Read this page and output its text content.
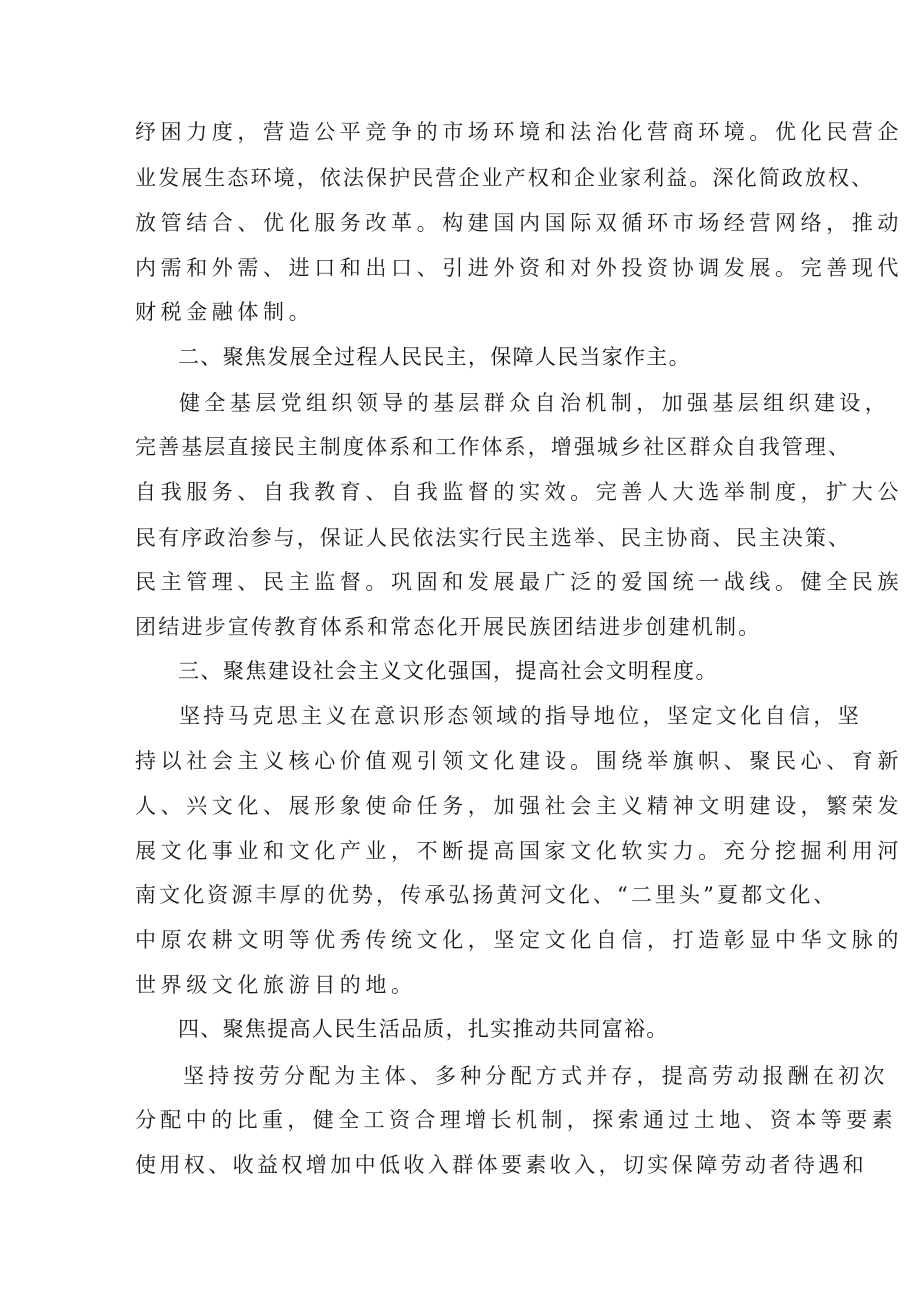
纾困力度，营造公平竞争的市场环境和法治化营商环境。优化民营企

业发展生态环境，依法保护民营企业产权和企业家利益。深化简政放权、

放管结合、优化服务改革。构建国内国际双循环市场经营网络，推动

内需和外需、进口和出口、引进外资和对外投资协调发展。完善现代

财税金融体制。

二、聚焦发展全过程人民民主，保障人民当家作主。

健全基层党组织领导的基层群众自治机制，加强基层组织建设，

完善基层直接民主制度体系和工作体系，增强城乡社区群众自我管理、

自我服务、自我教育、自我监督的实效。完善人大选举制度，扩大公

民有序政治参与，保证人民依法实行民主选举、民主协商、民主决策、

民主管理、民主监督。巩固和发展最广泛的爱国统一战线。健全民族

团结进步宣传教育体系和常态化开展民族团结进步创建机制。

三、聚焦建设社会主义文化强国，提高社会文明程度。

坚持马克思主义在意识形态领域的指导地位，坚定文化自信，坚

持以社会主义核心价值观引领文化建设。围绕举旗帜、聚民心、育新

人、兴文化、展形象使命任务，加强社会主义精神文明建设，繁荣发

展文化事业和文化产业，不断提高国家文化软实力。充分挖掘利用河

南文化资源丰厚的优势，传承弘扬黄河文化、“二里头”夏都文化、

中原农耕文明等优秀传统文化，坚定文化自信，打造彰显中华文脉的

世界级文化旅游目的地。

四、聚焦提高人民生活品质，扎实推动共同富裕。

坚持按劳分配为主体、多种分配方式并存，提高劳动报酬在初次

分配中的比重，健全工资合理增长机制，探索通过土地、资本等要素

使用权、收益权增加中低收入群体要素收入，切实保障劳动者待遇和
